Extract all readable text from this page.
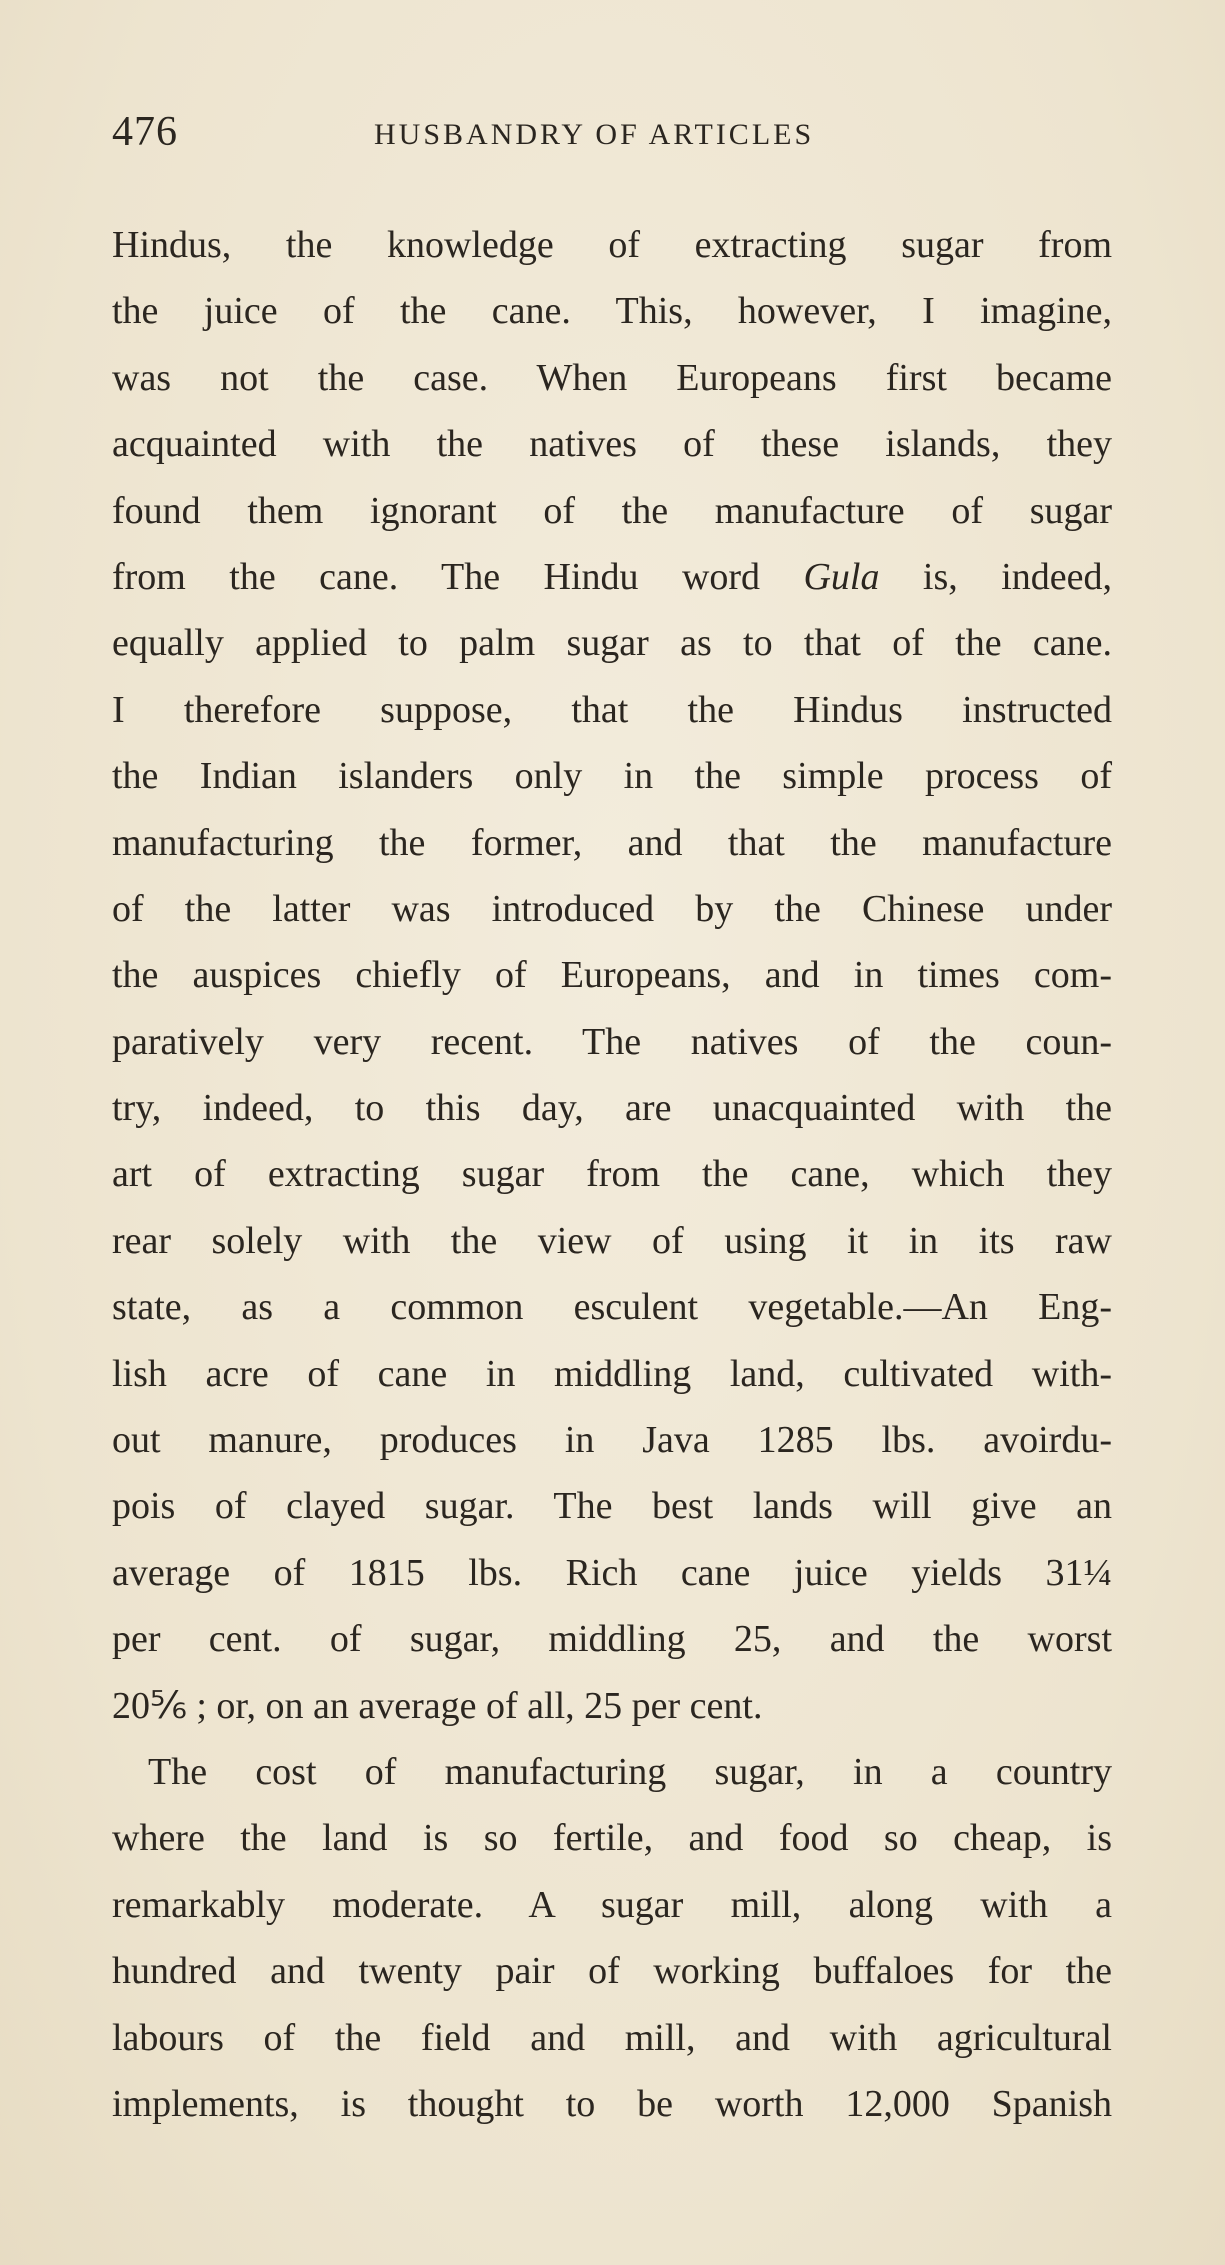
476	HUSBANDRY OF ARTICLES
Hindus, the knowledge of extracting sugar from
the juice of the cane. This, however, I imagine,
was not the case. When Europeans first became
acquainted with the natives of these islands, they
found them ignorant of the manufacture of sugar
from the cane. The Hindu word Gula is, indeed,
equally applied to palm sugar as to that of the cane.
I therefore suppose, that the Hindus instructed
the Indian islanders only in the simple process of
manufacturing the former, and that the manufacture
of the latter was introduced by the Chinese under
the auspices chiefly of Europeans, and in times com-
paratively very recent. The natives of the coun-
try, indeed, to this day, are unacquainted with the
art of extracting sugar from the cane, which they
rear solely with the view of using it in its raw
state, as a common esculent vegetable.—An Eng-
lish acre of cane in middling land, cultivated with-
out manure, produces in Java 1285 lbs. avoirdu-
pois of clayed sugar. The best lands will give an
average of 1815 lbs. Rich cane juice yields 31¼
per cent. of sugar, middling 25, and the worst
20⅚ ; or, on an average of all, 25 per cent.
The cost of manufacturing sugar, in a country
where the land is so fertile, and food so cheap, is
remarkably moderate. A sugar mill, along with a
hundred and twenty pair of working buffaloes for the
labours of the field and mill, and with agricultural
implements, is thought to be worth 12,000 Spanish
